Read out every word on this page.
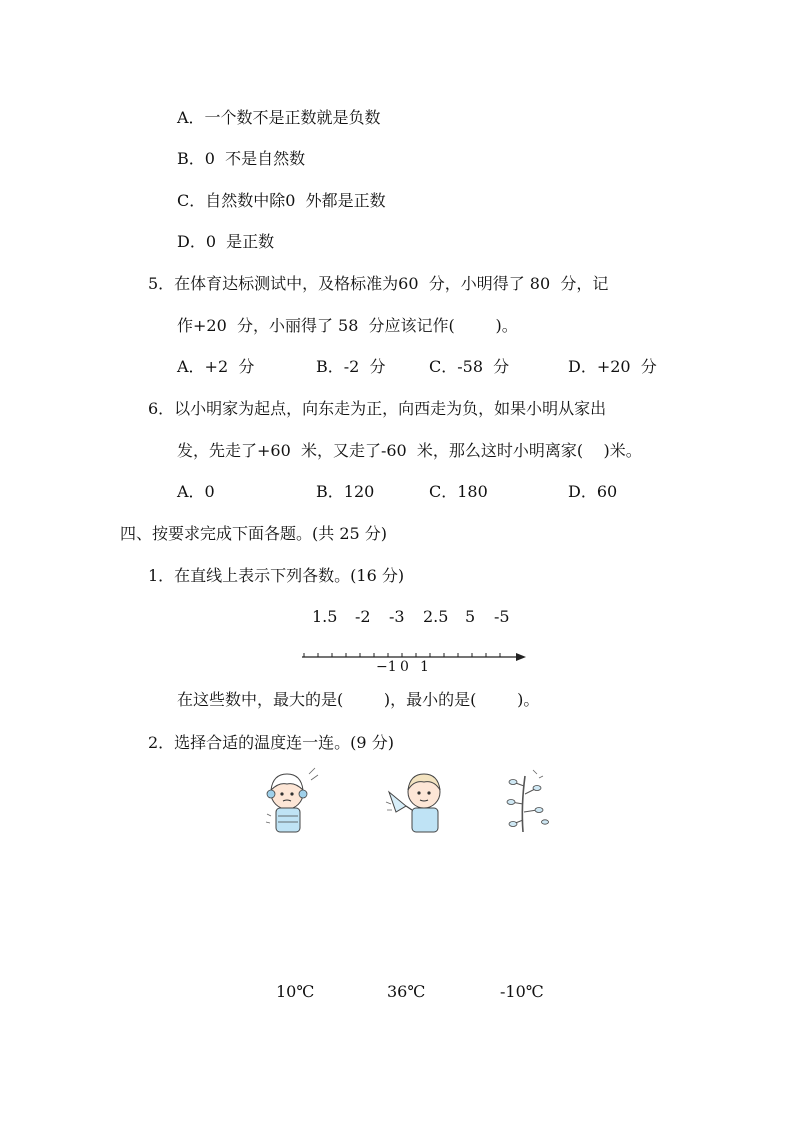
A．一个数不是正数就是负数
B．0  不是自然数
C．自然数中除0  外都是正数
D．0  是正数
5．在体育达标测试中，及格标准为60  分，小明得了 80  分，记
作+20  分，小丽得了 58  分应该记作(        )。
A．+2  分	B．-2  分	C．-58  分	D．+20  分
6．以小明家为起点，向东走为正，向西走为负，如果小明从家出
发，先走了+60  米，又走了-60  米，那么这时小明离家(    )米。
A．0	B．120	C．180	D．60
四、按要求完成下面各题。(共 25 分)
1．在直线上表示下列各数。(16 分)
1.5 -2 -3 2.5 5 -5
−1 0 1
在这些数中，最大的是(        )，最小的是(        )。
2．选择合适的温度连一连。(9 分)
10℃	36℃	-10℃
